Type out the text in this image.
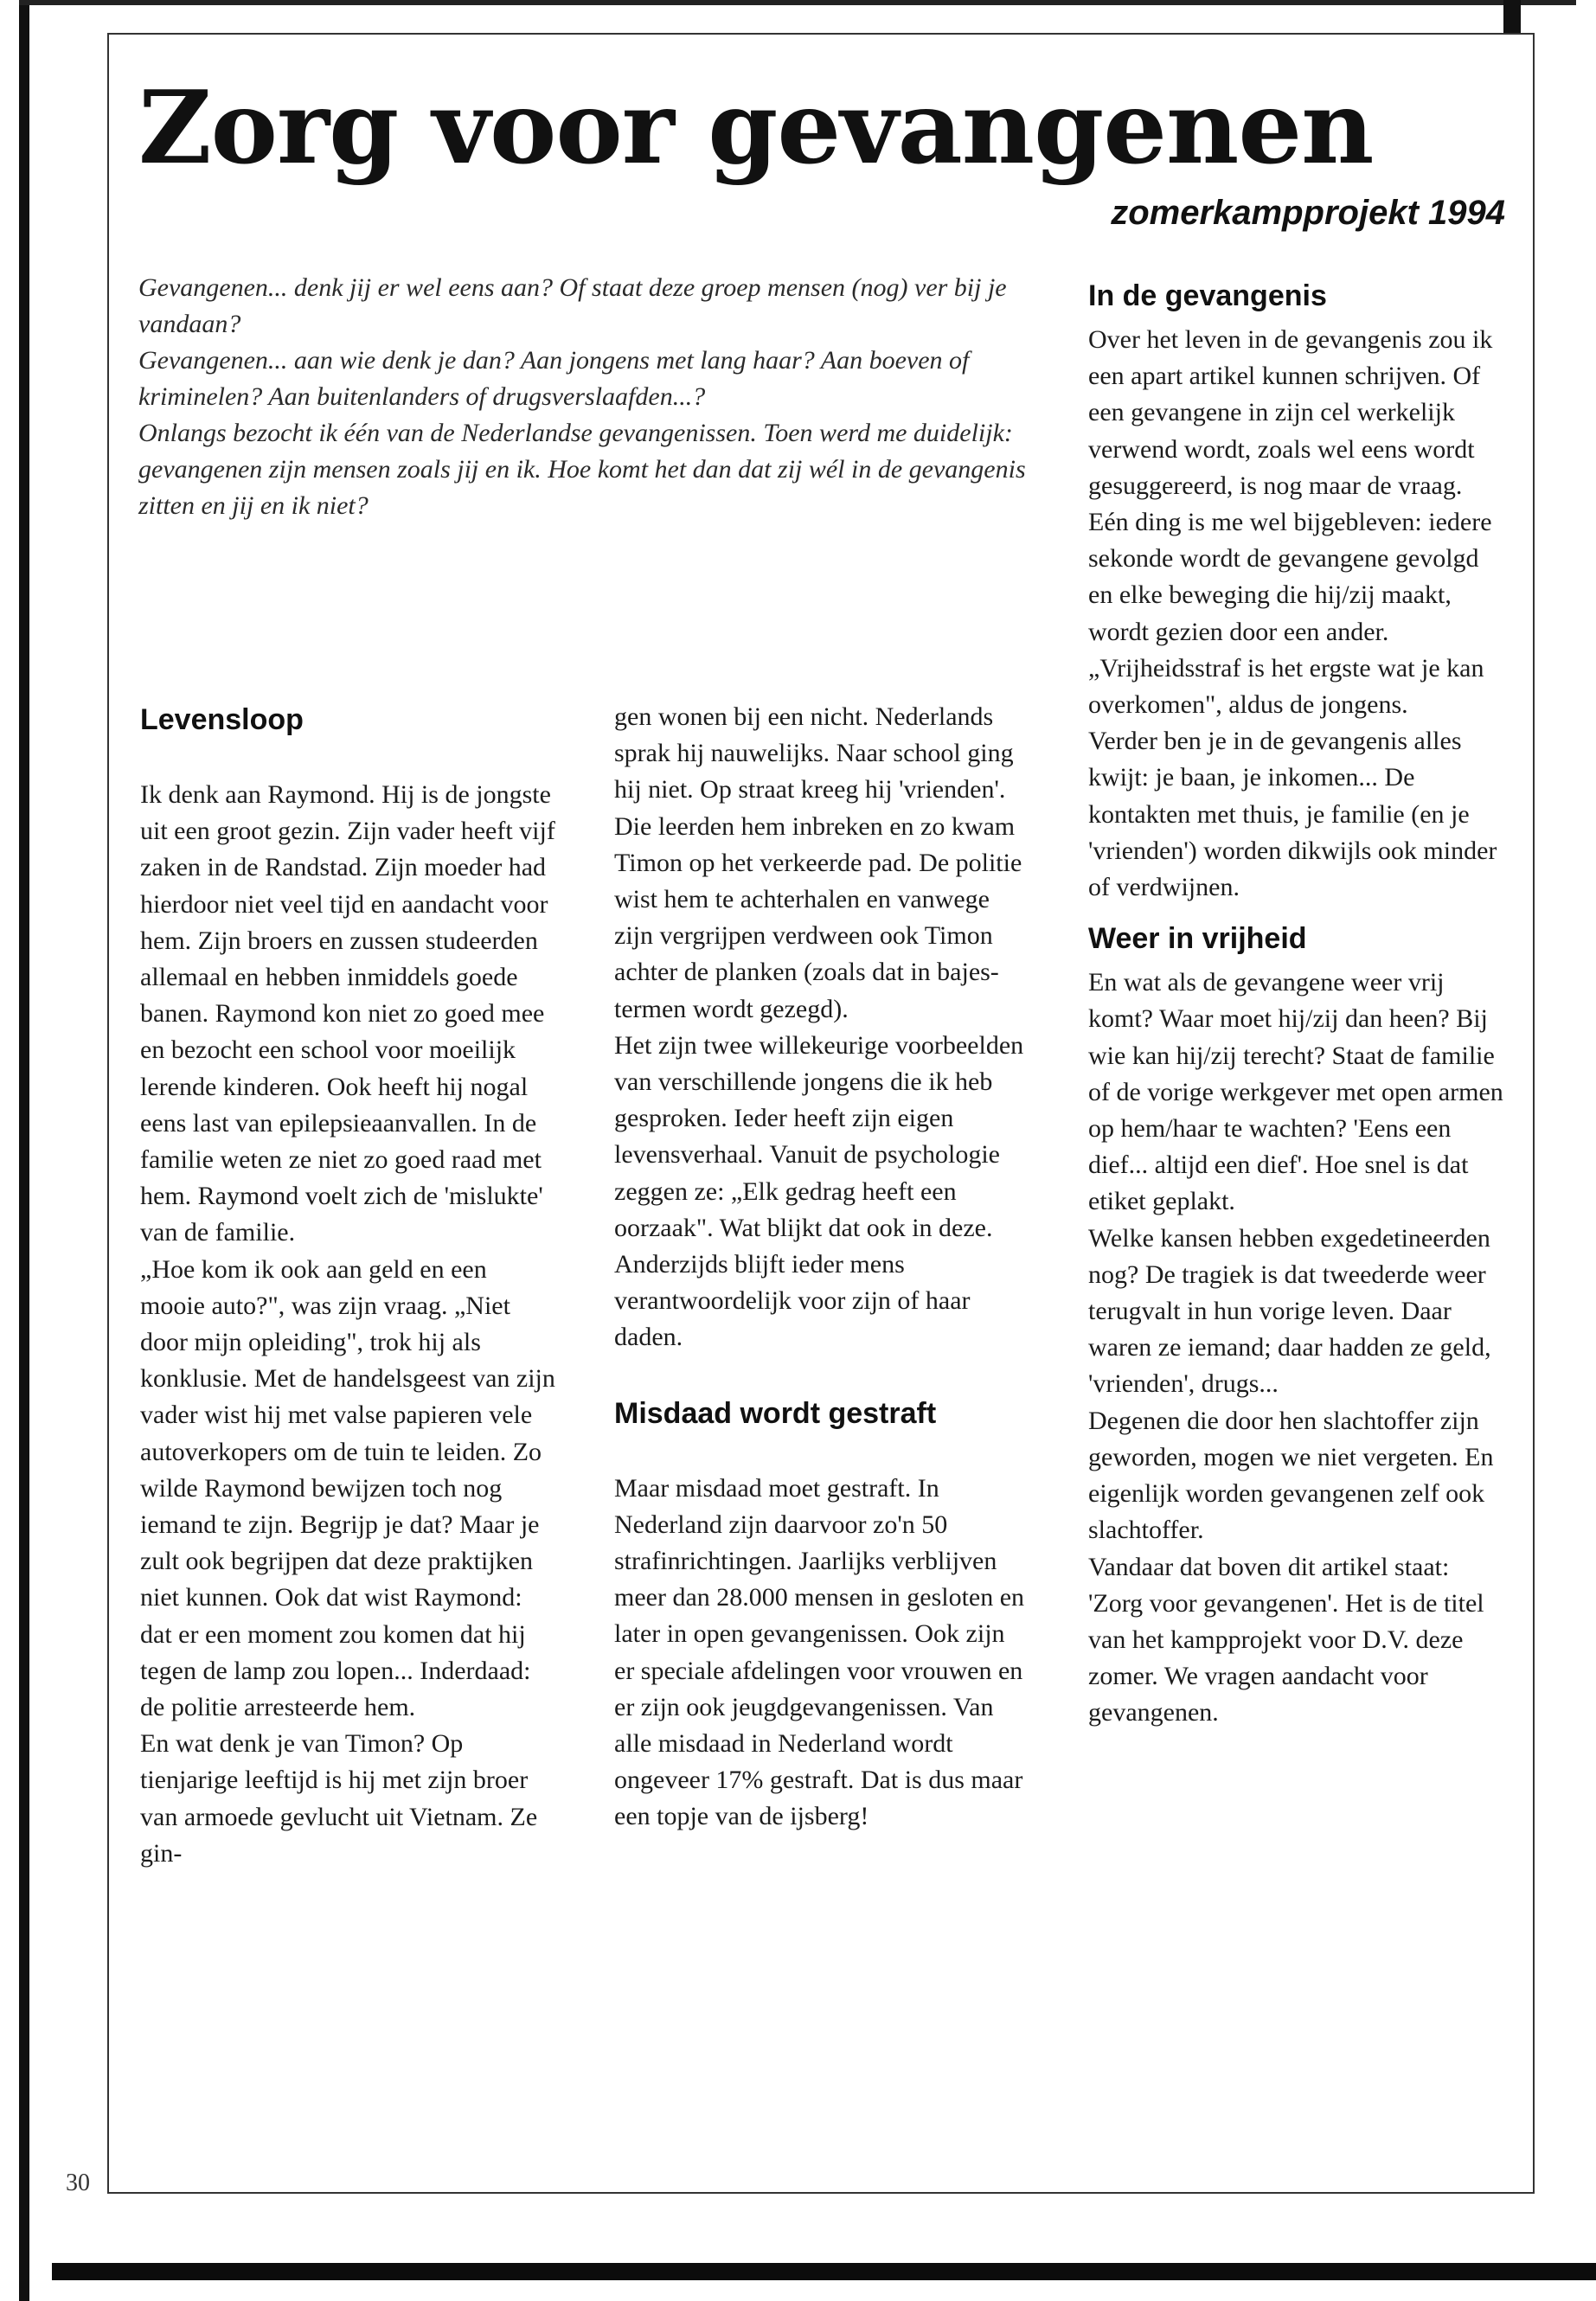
Zorg voor gevangenen
zomerkampprojekt 1994

Gevangenen... denk jij er wel eens aan? Of staat deze groep mensen (nog) ver bij je vandaan?

Gevangenen... aan wie denk je dan? Aan jongens met lang haar? Aan boeven of kriminelen? Aan buitenlanders of drugsverslaafden...?

Onlangs bezocht ik één van de Nederlandse gevangenissen. Toen werd me duidelijk: gevangenen zijn mensen zoals jij en ik. Hoe komt het dan dat zij wél in de gevangenis zitten en jij en ik niet?

Levensloop

Ik denk aan Raymond. Hij is de jongste uit een groot gezin. Zijn vader heeft vijf zaken in de Randstad. Zijn moeder had hierdoor niet veel tijd en aandacht voor hem. Zijn broers en zussen studeerden allemaal en hebben inmiddels goede banen. Raymond kon niet zo goed mee en bezocht een school voor moeilijk lerende kinderen. Ook heeft hij nogal eens last van epilepsieaanvallen. In de familie weten ze niet zo goed raad met hem. Raymond voelt zich de 'mislukte' van de familie.

„Hoe kom ik ook aan geld en een mooie auto?", was zijn vraag. „Niet door mijn opleiding", trok hij als konklusie. Met de handelsgeest van zijn vader wist hij met valse papieren vele autoverkopers om de tuin te leiden. Zo wilde Raymond bewijzen toch nog iemand te zijn. Begrijp je dat? Maar je zult ook begrijpen dat deze praktijken niet kunnen. Ook dat wist Raymond: dat er een moment zou komen dat hij tegen de lamp zou lopen... Inderdaad: de politie arresteerde hem.

En wat denk je van Timon? Op tienjarige leeftijd is hij met zijn broer van armoede gevlucht uit Vietnam. Ze gin-

gen wonen bij een nicht. Nederlands sprak hij nauwelijks. Naar school ging hij niet. Op straat kreeg hij 'vrienden'. Die leerden hem inbreken en zo kwam Timon op het verkeerde pad. De politie wist hem te achterhalen en vanwege zijn vergrijpen verdween ook Timon achter de planken (zoals dat in bajes-termen wordt gezegd).

Het zijn twee willekeurige voorbeelden van verschillende jongens die ik heb gesproken. Ieder heeft zijn eigen levensverhaal. Vanuit de psychologie zeggen ze: „Elk gedrag heeft een oorzaak". Wat blijkt dat ook in deze. Anderzijds blijft ieder mens verantwoordelijk voor zijn of haar daden.

Misdaad wordt gestraft

Maar misdaad moet gestraft. In Nederland zijn daarvoor zo'n 50 strafinrichtingen. Jaarlijks verblijven meer dan 28.000 mensen in gesloten en later in open gevangenissen. Ook zijn er speciale afdelingen voor vrouwen en er zijn ook jeugdgevangenissen. Van alle misdaad in Nederland wordt ongeveer 17% gestraft. Dat is dus maar een topje van de ijsberg!

In de gevangenis

Over het leven in de gevangenis zou ik een apart artikel kunnen schrijven. Of een gevangene in zijn cel werkelijk verwend wordt, zoals wel eens wordt gesuggereerd, is nog maar de vraag. Eén ding is me wel bijgebleven: iedere sekonde wordt de gevangene gevolgd en elke beweging die hij/zij maakt, wordt gezien door een ander.

„Vrijheidsstraf is het ergste wat je kan overkomen", aldus de jongens.

Verder ben je in de gevangenis alles kwijt: je baan, je inkomen... De kontakten met thuis, je familie (en je 'vrienden') worden dikwijls ook minder of verdwijnen.

Weer in vrijheid

En wat als de gevangene weer vrij komt? Waar moet hij/zij dan heen? Bij wie kan hij/zij terecht? Staat de familie of de vorige werkgever met open armen op hem/haar te wachten? 'Eens een dief... altijd een dief'. Hoe snel is dat etiket geplakt.

Welke kansen hebben exgedetineerden nog? De tragiek is dat tweederde weer terugvalt in hun vorige leven. Daar waren ze iemand; daar hadden ze geld, 'vrienden', drugs...

Degenen die door hen slachtoffer zijn geworden, mogen we niet vergeten. En eigenlijk worden gevangenen zelf ook slachtoffer.

Vandaar dat boven dit artikel staat: 'Zorg voor gevangenen'. Het is de titel van het kampprojekt voor D.V. deze zomer. We vragen aandacht voor gevangenen.

30
